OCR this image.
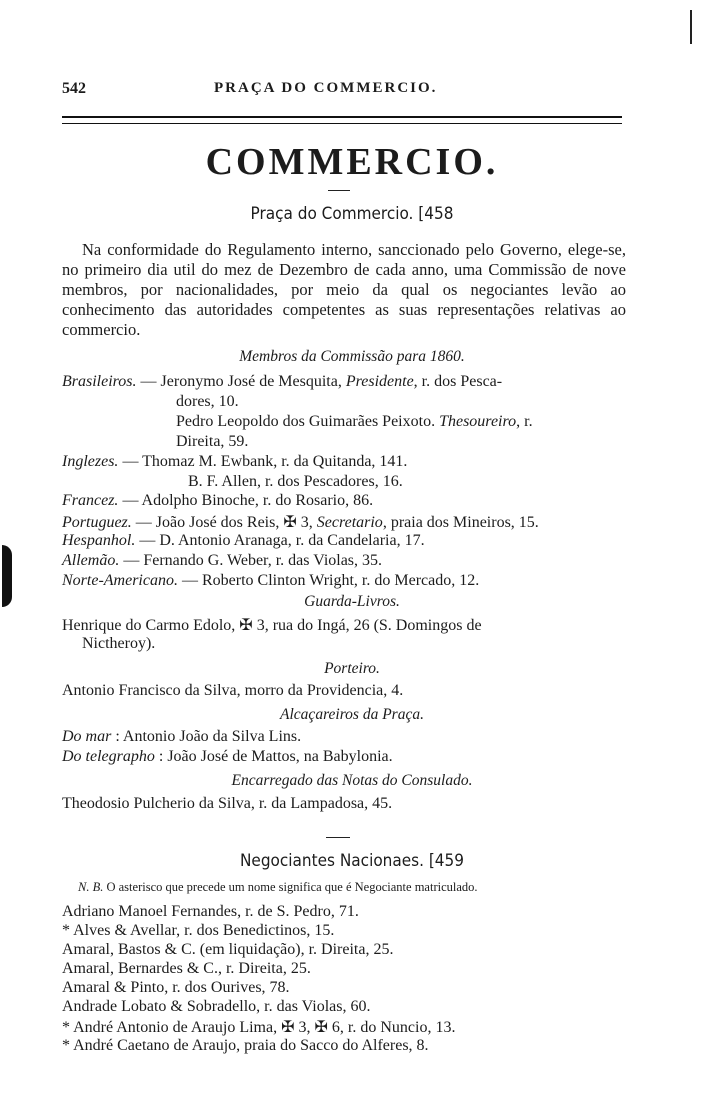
542	PRAÇA DO COMMERCIO.
COMMERCIO.
Praça do Commercio. [458
Na conformidade do Regulamento interno, sanccionado pelo Governo, elege-se, no primeiro dia util do mez de Dezembro de cada anno, uma Commissão de nove membros, por nacionalidades, por meio da qual os negociantes levão ao conhecimento das autoridades competentes as suas representações relativas ao commercio.
Membros da Commissão para 1860.
Brasileiros. — Jeronymo José de Mesquita, Presidente, r. dos Pesca-
dores, 10.
Pedro Leopoldo dos Guimarães Peixoto. Thesoureiro, r.
Direita, 59.
Inglezes. — Thomaz M. Ewbank, r. da Quitanda, 141.
B. F. Allen, r. dos Pescadores, 16.
Francez. — Adolpho Binoche, r. do Rosario, 86.
Portuguez. — João José dos Reis, ✠ 3, Secretario, praia dos Mineiros, 15.
Hespanhol. — D. Antonio Aranaga, r. da Candelaria, 17.
Allemão. — Fernando G. Weber, r. das Violas, 35.
Norte-Americano. — Roberto Clinton Wright, r. do Mercado, 12.
Guarda-Livros.
Henrique do Carmo Edolo, ✠ 3, rua do Ingá, 26 (S. Domingos de
Nictheroy).
Porteiro.
Antonio Francisco da Silva, morro da Providencia, 4.
Alcaçareiros da Praça.
Do mar : Antonio João da Silva Lins.
Do telegrapho : João José de Mattos, na Babylonia.
Encarregado das Notas do Consulado.
Theodosio Pulcherio da Silva, r. da Lampadosa, 45.
Negociantes Nacionaes. [459
N. B. O asterisco que precede um nome significa que é Negociante matriculado.
Adriano Manoel Fernandes, r. de S. Pedro, 71.
* Alves & Avellar, r. dos Benedictinos, 15.
Amaral, Bastos & C. (em liquidação), r. Direita, 25.
Amaral, Bernardes & C., r. Direita, 25.
Amaral & Pinto, r. dos Ourives, 78.
Andrade Lobato & Sobradello, r. das Violas, 60.
* André Antonio de Araujo Lima, ✠ 3, ✠ 6, r. do Nuncio, 13.
* André Caetano de Araujo, praia do Sacco do Alferes, 8.
